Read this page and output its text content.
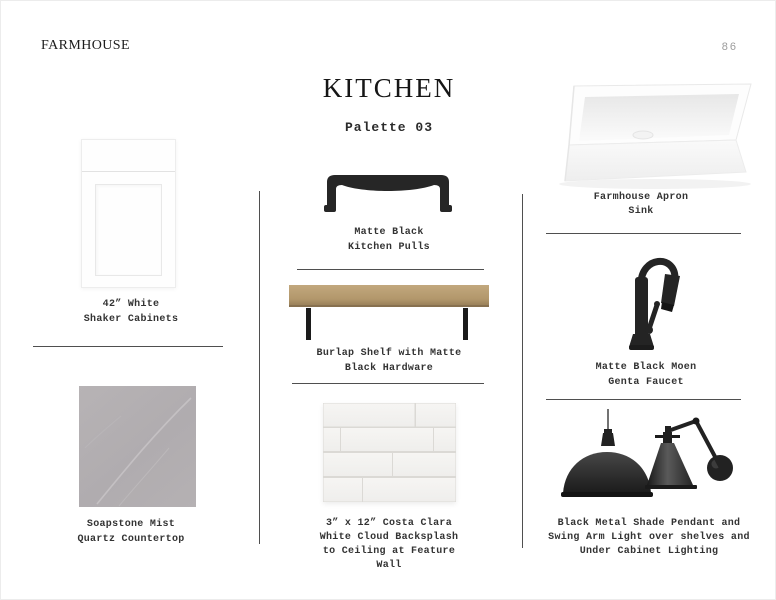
FARMHOUSE	86
KITCHEN
Palette 03
42” White
Shaker Cabinets
Soapstone Mist
Quartz Countertop
Matte Black
Kitchen Pulls
Burlap Shelf with Matte
Black Hardware
3” x 12” Costa Clara
White Cloud Backsplash
to Ceiling at Feature
Wall
Farmhouse Apron
Sink
Matte Black Moen
Genta Faucet
Black Metal Shade Pendant and
Swing Arm Light over shelves and
Under Cabinet Lighting
